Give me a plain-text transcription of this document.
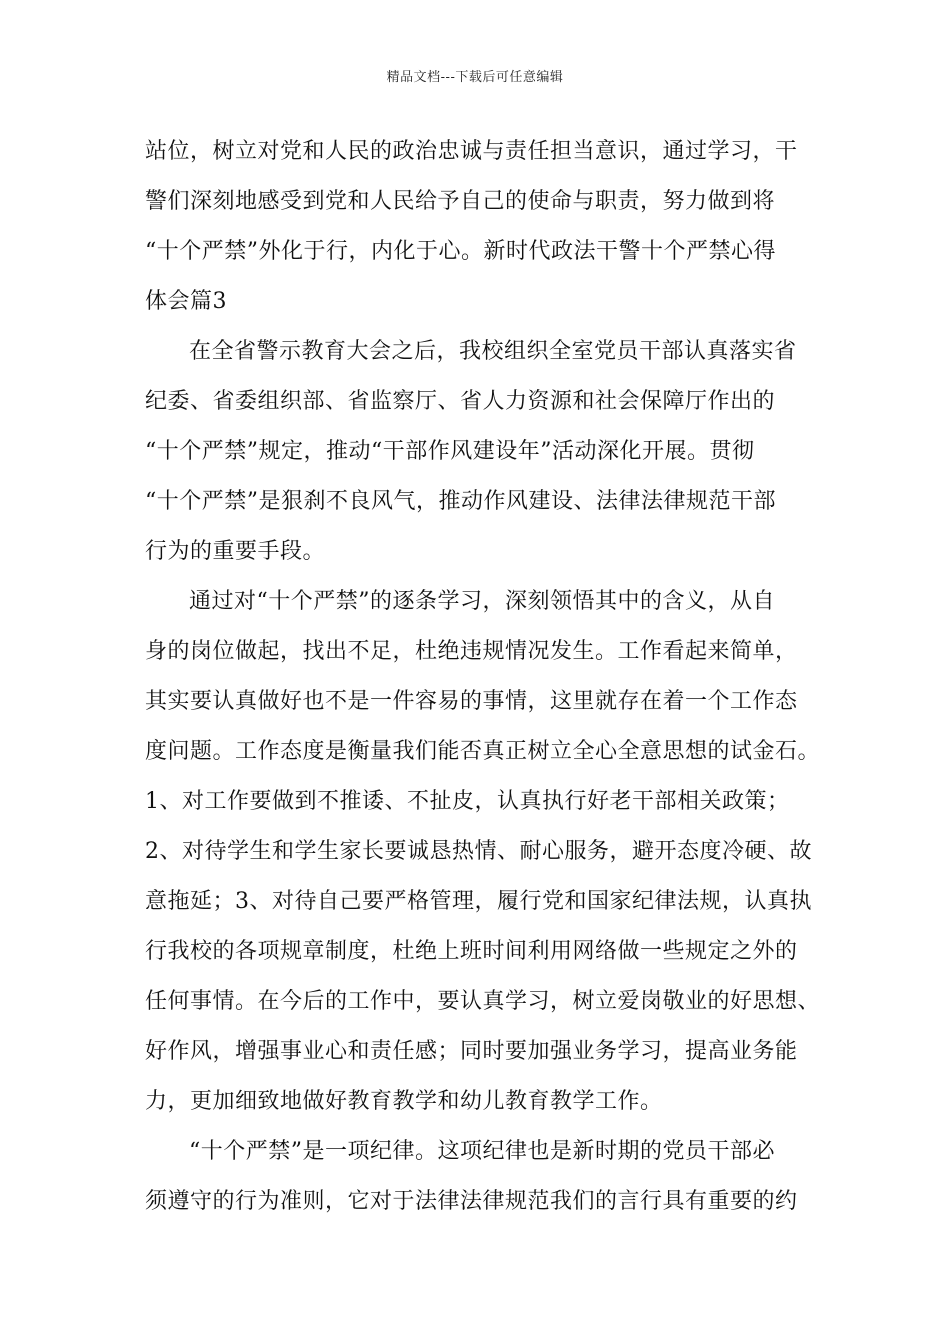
精品文档---下载后可任意编辑
站位，树立对党和人民的政治忠诚与责任担当意识，通过学习，干
警们深刻地感受到党和人民给予自己的使命与职责，努力做到将
“十个严禁”外化于行，内化于心。新时代政法干警十个严禁心得
体会篇3
在全省警示教育大会之后，我校组织全室党员干部认真落实省
纪委、省委组织部、省监察厅、省人力资源和社会保障厅作出的
“十个严禁”规定，推动“干部作风建设年”活动深化开展。贯彻
“十个严禁”是狠刹不良风气，推动作风建设、法律法律规范干部
行为的重要手段。
通过对“十个严禁”的逐条学习，深刻领悟其中的含义，从自
身的岗位做起，找出不足，杜绝违规情况发生。工作看起来简单，
其实要认真做好也不是一件容易的事情，这里就存在着一个工作态
度问题。工作态度是衡量我们能否真正树立全心全意思想的试金石。
1、对工作要做到不推诿、不扯皮，认真执行好老干部相关政策；
2、对待学生和学生家长要诚恳热情、耐心服务，避开态度冷硬、故
意拖延；3、对待自己要严格管理，履行党和国家纪律法规，认真执
行我校的各项规章制度，杜绝上班时间利用网络做一些规定之外的
任何事情。在今后的工作中，要认真学习，树立爱岗敬业的好思想、
好作风，增强事业心和责任感；同时要加强业务学习，提高业务能
力，更加细致地做好教育教学和幼儿教育教学工作。
“十个严禁”是一项纪律。这项纪律也是新时期的党员干部必
须遵守的行为准则，它对于法律法律规范我们的言行具有重要的约
